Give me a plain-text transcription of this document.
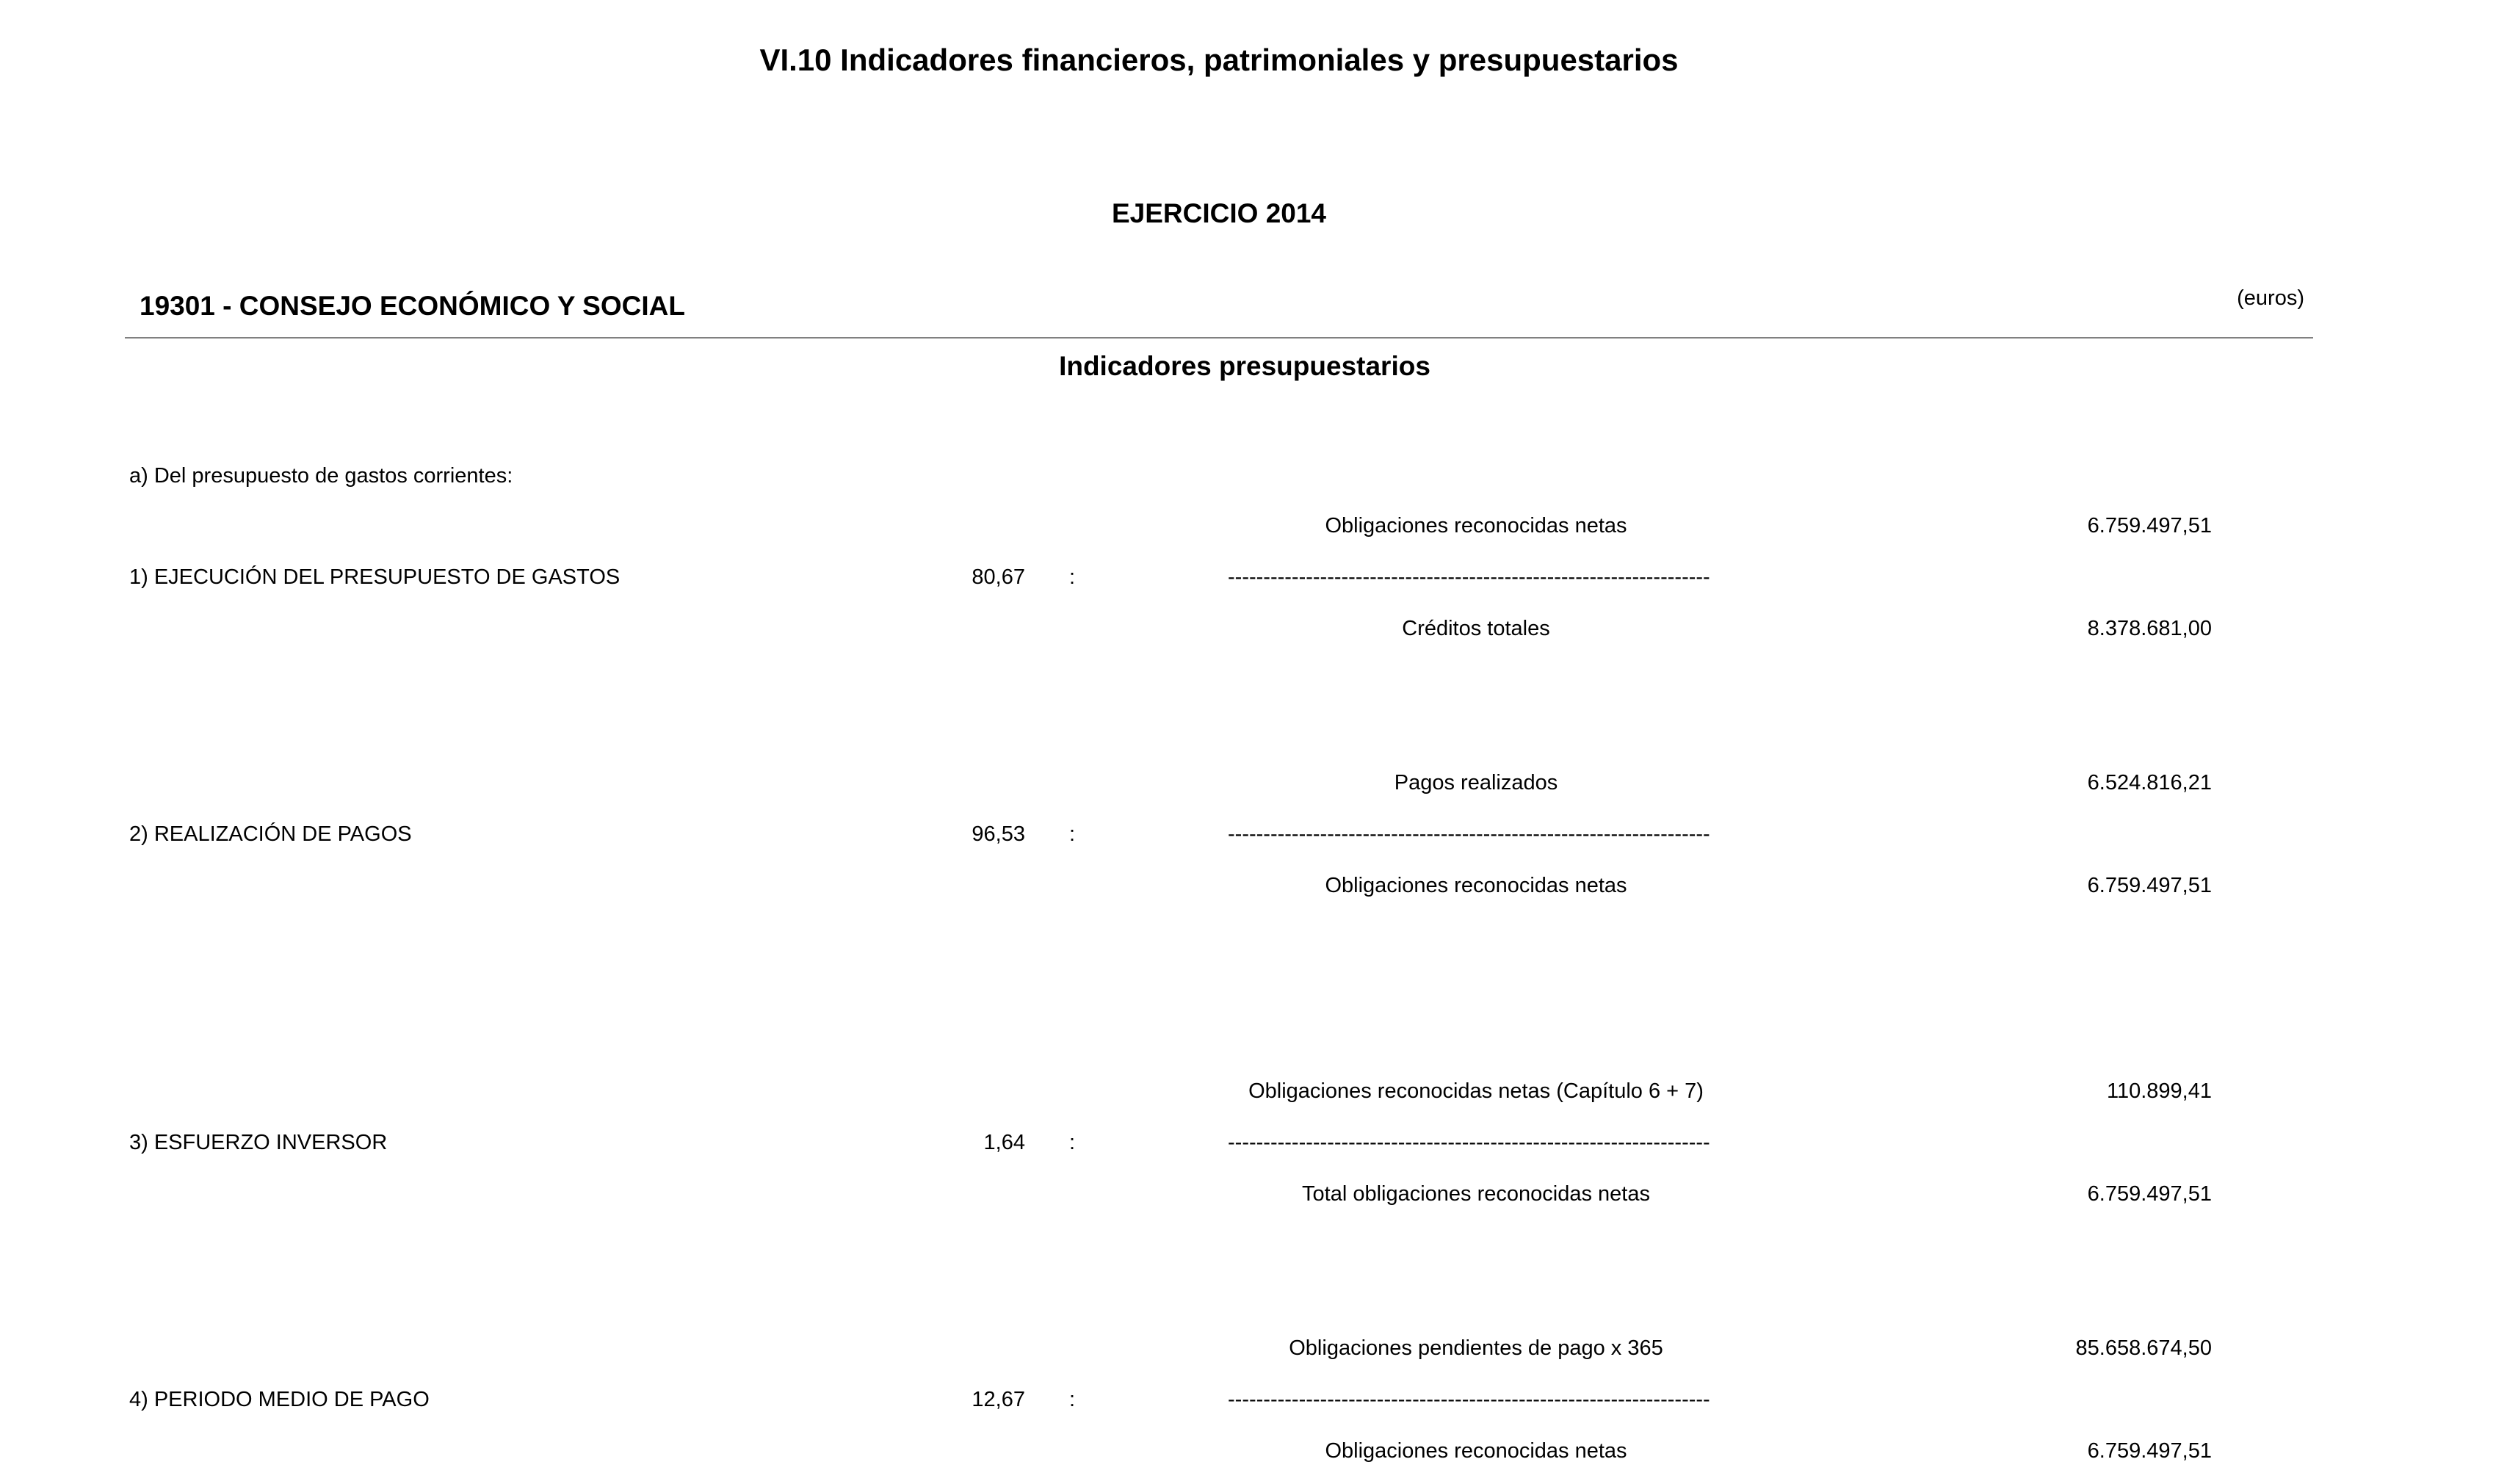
VI.10 Indicadores financieros, patrimoniales y presupuestarios
EJERCICIO 2014
19301 - CONSEJO ECONÓMICO Y SOCIAL	(euros)
Indicadores presupuestarios
a) Del presupuesto de gastos corrientes:
Obligaciones reconocidas netas	6.759.497,51
1) EJECUCIÓN DEL PRESUPUESTO DE GASTOS	80,67 :	--------------------------------------------------------------------
Créditos totales	8.378.681,00
Pagos realizados	6.524.816,21
2) REALIZACIÓN DE PAGOS	96,53 :	--------------------------------------------------------------------
Obligaciones reconocidas netas	6.759.497,51
Obligaciones reconocidas netas (Capítulo 6 + 7)	110.899,41
3) ESFUERZO INVERSOR	1,64 :	--------------------------------------------------------------------
Total obligaciones reconocidas netas	6.759.497,51
Obligaciones pendientes de pago x 365	85.658.674,50
4) PERIODO MEDIO DE PAGO	12,67 :	--------------------------------------------------------------------
Obligaciones reconocidas netas	6.759.497,51
